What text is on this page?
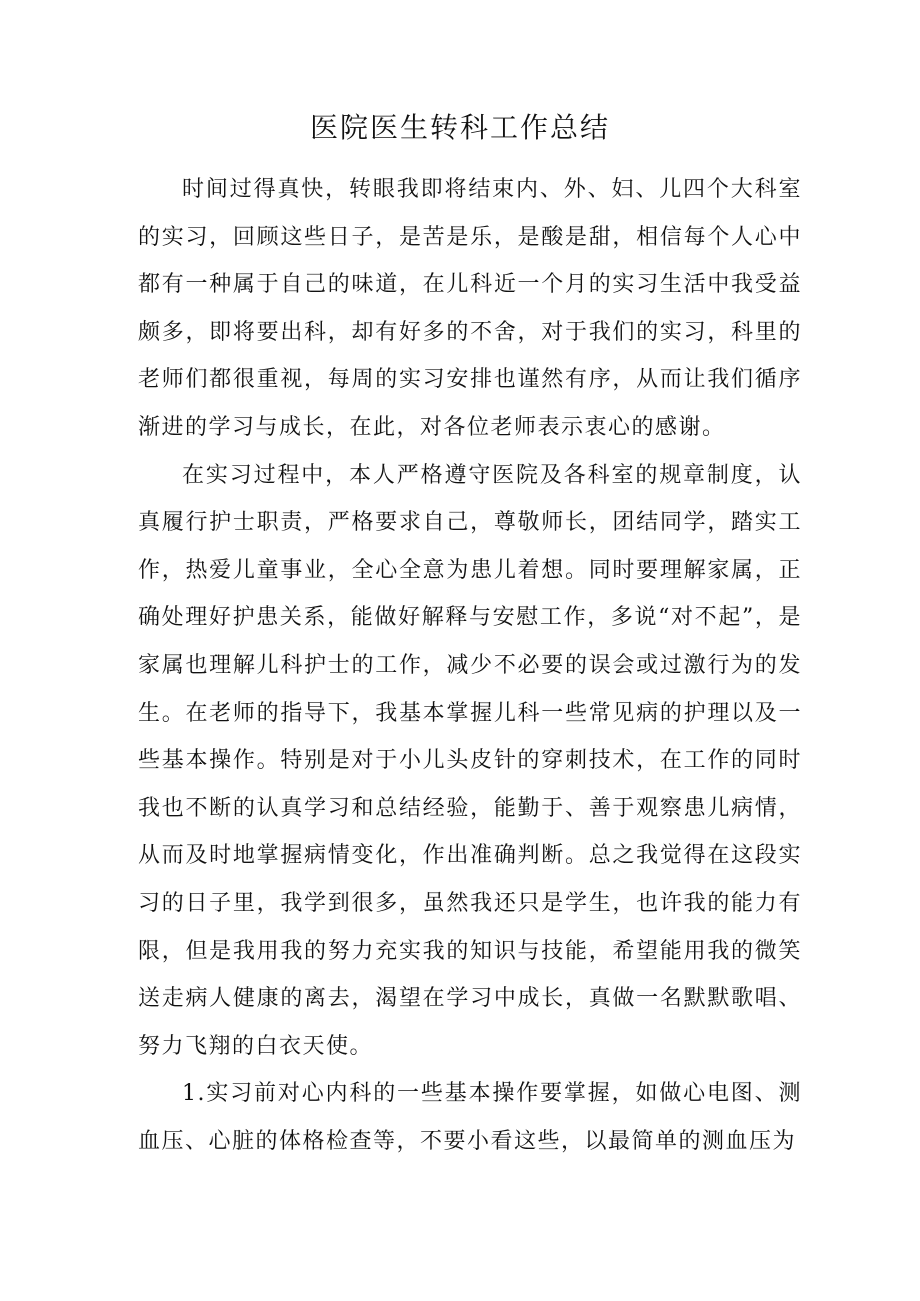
医院医生转科工作总结

时间过得真快，转眼我即将结束内、外、妇、儿四个大科室的实习，回顾这些日子，是苦是乐，是酸是甜，相信每个人心中都有一种属于自己的味道，在儿科近一个月的实习生活中我受益颇多，即将要出科，却有好多的不舍，对于我们的实习，科里的老师们都很重视，每周的实习安排也谨然有序，从而让我们循序渐进的学习与成长，在此，对各位老师表示衷心的感谢。

在实习过程中，本人严格遵守医院及各科室的规章制度，认真履行护士职责，严格要求自己，尊敬师长，团结同学，踏实工作，热爱儿童事业，全心全意为患儿着想。同时要理解家属，正确处理好护患关系，能做好解释与安慰工作，多说“对不起”，是家属也理解儿科护士的工作，减少不必要的误会或过激行为的发生。在老师的指导下，我基本掌握儿科一些常见病的护理以及一些基本操作。特别是对于小儿头皮针的穿刺技术，在工作的同时我也不断的认真学习和总结经验，能勤于、善于观察患儿病情，从而及时地掌握病情变化，作出准确判断。总之我觉得在这段实习的日子里，我学到很多，虽然我还只是学生，也许我的能力有限，但是我用我的努力充实我的知识与技能，希望能用我的微笑送走病人健康的离去，渴望在学习中成长，真做一名默默歌唱、努力飞翔的白衣天使。

1.实习前对心内科的一些基本操作要掌握，如做心电图、测血压、心脏的体格检查等，不要小看这些，以最简单的测血压为
